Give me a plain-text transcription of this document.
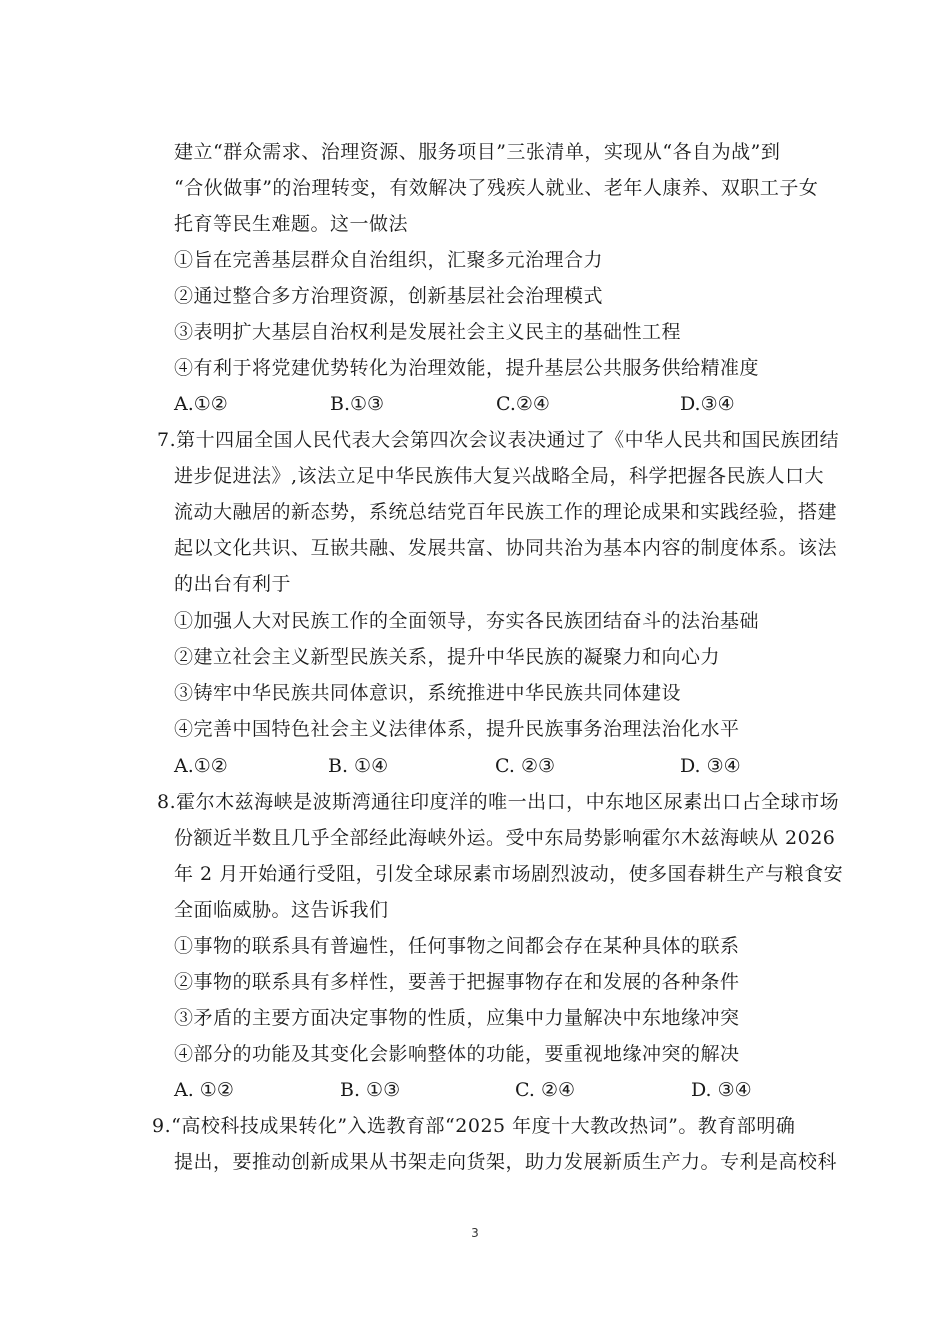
建立“群众需求、治理资源、服务项目”三张清单，实现从“各自为战”到
“合伙做事”的治理转变，有效解决了残疾人就业、老年人康养、双职工子女
托育等民生难题。这一做法
①旨在完善基层群众自治组织，汇聚多元治理合力
②通过整合多方治理资源，创新基层社会治理模式
③表明扩大基层自治权利是发展社会主义民主的基础性工程
④有利于将党建优势转化为治理效能，提升基层公共服务供给精准度
A.①②	B.①③	C.②④	D.③④
7.第十四届全国人民代表大会第四次会议表决通过了《中华人民共和国民族团结
进步促进法》,该法立足中华民族伟大复兴战略全局，科学把握各民族人口大
流动大融居的新态势，系统总结党百年民族工作的理论成果和实践经验，搭建
起以文化共识、互嵌共融、发展共富、协同共治为基本内容的制度体系。该法
的出台有利于
①加强人大对民族工作的全面领导，夯实各民族团结奋斗的法治基础
②建立社会主义新型民族关系，提升中华民族的凝聚力和向心力
③铸牢中华民族共同体意识，系统推进中华民族共同体建设
④完善中国特色社会主义法律体系，提升民族事务治理法治化水平
A.①②	B. ①④	C. ②③	D. ③④
8.霍尔木兹海峡是波斯湾通往印度洋的唯一出口，中东地区尿素出口占全球市场
份额近半数且几乎全部经此海峡外运。受中东局势影响霍尔木兹海峡从 2026
年 2 月开始通行受阻，引发全球尿素市场剧烈波动，使多国春耕生产与粮食安
全面临威胁。这告诉我们
①事物的联系具有普遍性，任何事物之间都会存在某种具体的联系
②事物的联系具有多样性，要善于把握事物存在和发展的各种条件
③矛盾的主要方面决定事物的性质，应集中力量解决中东地缘冲突
④部分的功能及其变化会影响整体的功能，要重视地缘冲突的解决
A. ①②	B. ①③	C. ②④	D. ③④
9.“高校科技成果转化”入选教育部“2025 年度十大教改热词”。教育部明确
提出，要推动创新成果从书架走向货架，助力发展新质生产力。专利是高校科
3
